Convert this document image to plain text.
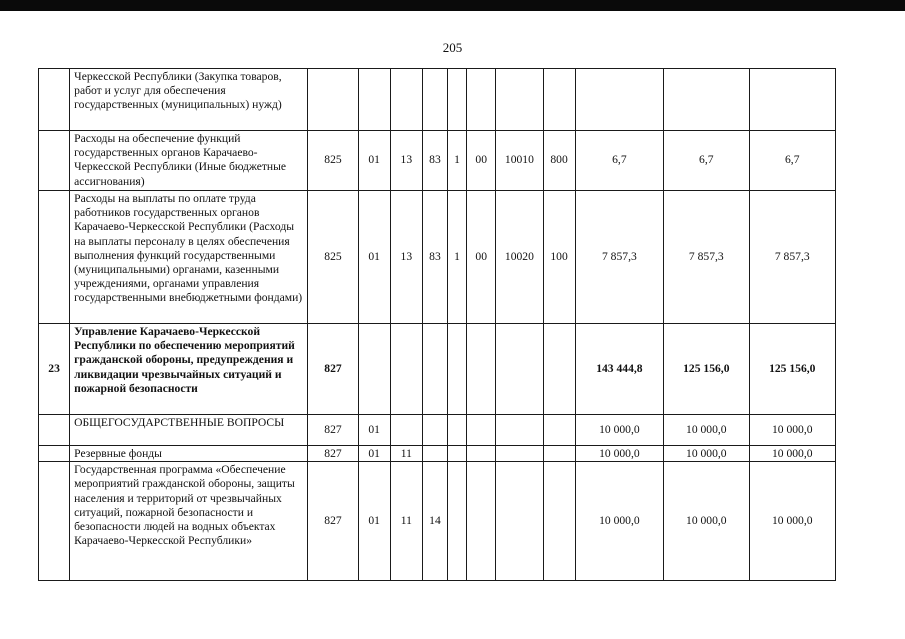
205
	Черкесской Республики (Закупка товаров, работ и услуг для обеспечения государственных (муниципальных) нужд)											
	Расходы на обеспечение функций государственных органов Карачаево-Черкесской Республики (Иные бюджетные ассигнования)	825	01	13	83	1	00	10010	800	6,7	6,7	6,7
	Расходы на выплаты по оплате труда работников государственных органов Карачаево-Черкесской Республики (Расходы на выплаты персоналу в целях обеспечения выполнения функций государственными (муниципальными) органами, казенными учреждениями, органами управления государственными внебюджетными фондами)	825	01	13	83	1	00	10020	100	7 857,3	7 857,3	7 857,3
23	Управление Карачаево-Черкесской Республики по обеспечению мероприятий гражданской обороны, предупреждения и ликвидации чрезвычайных ситуаций и пожарной безопасности	827								143 444,8	125 156,0	125 156,0
	ОБЩЕГОСУДАРСТВЕННЫЕ ВОПРОСЫ	827	01							10 000,0	10 000,0	10 000,0
	Резервные фонды	827	01	11						10 000,0	10 000,0	10 000,0
	Государственная программа «Обеспечение мероприятий гражданской обороны, защиты населения и территорий от чрезвычайных ситуаций, пожарной безопасности и безопасности людей на водных объектах Карачаево-Черкесской Республики»	827	01	11	14					10 000,0	10 000,0	10 000,0
